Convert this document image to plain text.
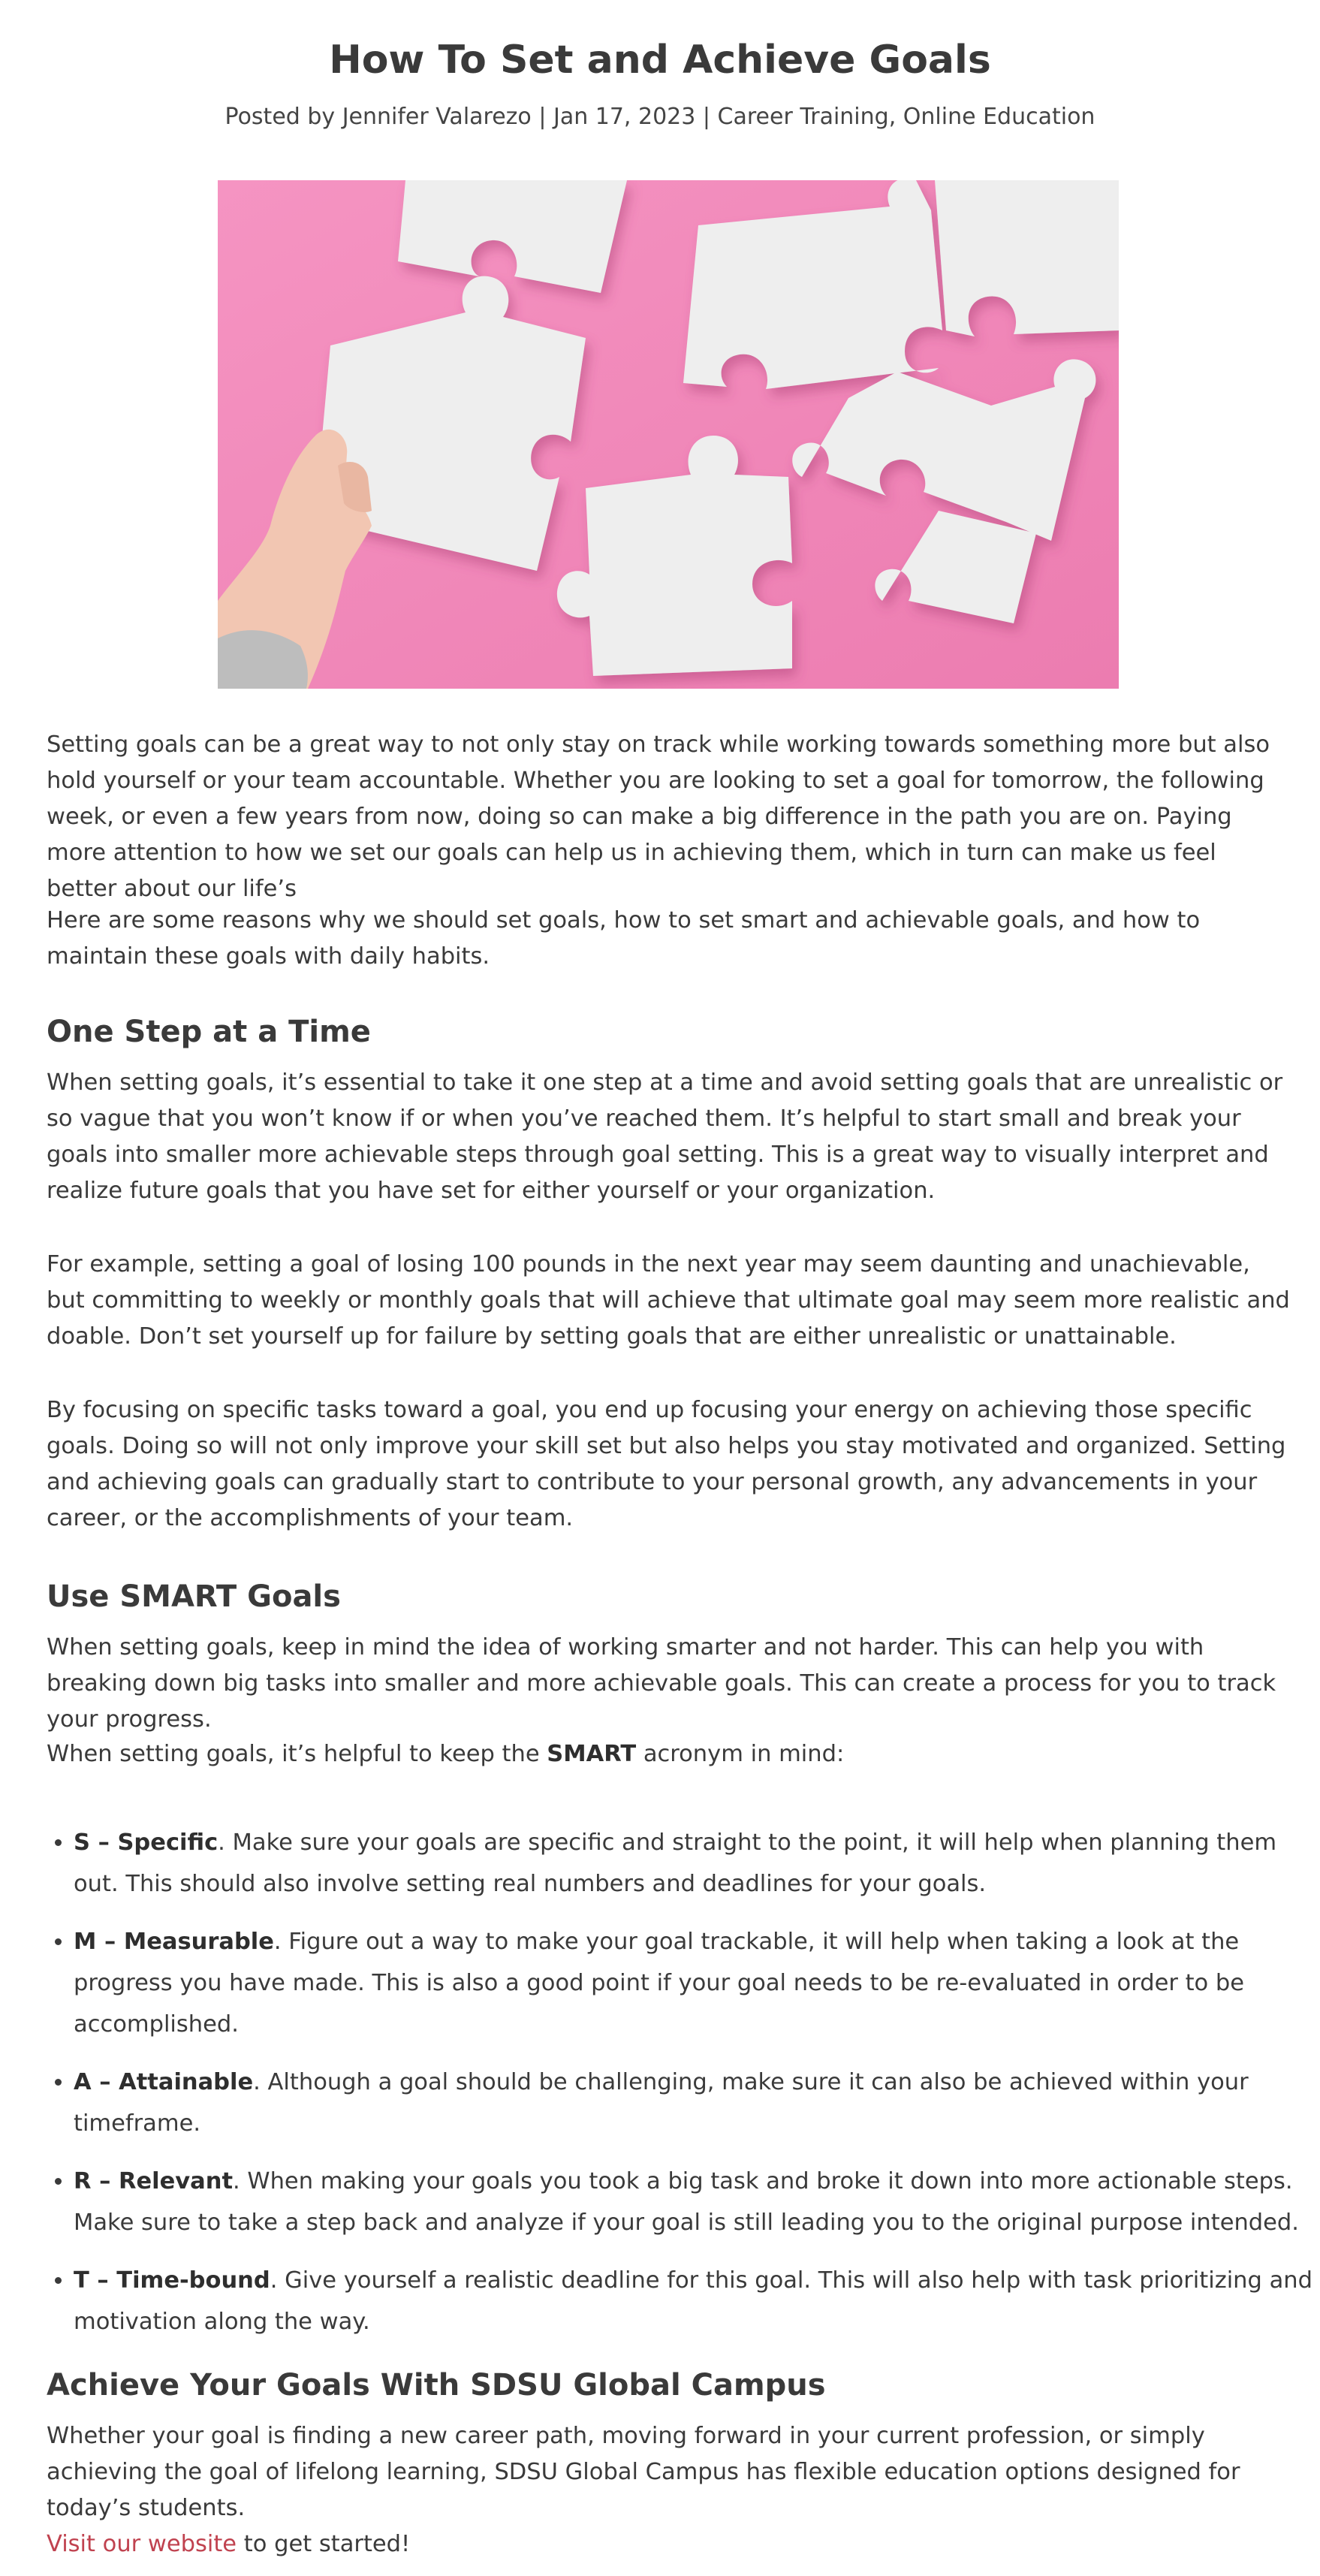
How To Set and Achieve Goals
Posted by Jennifer Valarezo | Jan 17, 2023 | Career Training, Online Education

Setting goals can be a great way to not only stay on track while working towards something more but also hold yourself or your team accountable. Whether you are looking to set a goal for tomorrow, the following week, or even a few years from now, doing so can make a big difference in the path you are on. Paying more attention to how we set our goals can help us in achieving them, which in turn can make us feel better about our life’s

Here are some reasons why we should set goals, how to set smart and achievable goals, and how to maintain these goals with daily habits.

One Step at a Time

When setting goals, it’s essential to take it one step at a time and avoid setting goals that are unrealistic or so vague that you won’t know if or when you’ve reached them. It’s helpful to start small and break your goals into smaller more achievable steps through goal setting. This is a great way to visually interpret and realize future goals that you have set for either yourself or your organization.

For example, setting a goal of losing 100 pounds in the next year may seem daunting and unachievable, but committing to weekly or monthly goals that will achieve that ultimate goal may seem more realistic and doable. Don’t set yourself up for failure by setting goals that are either unrealistic or unattainable.

By focusing on specific tasks toward a goal, you end up focusing your energy on achieving those specific goals. Doing so will not only improve your skill set but also helps you stay motivated and organized. Setting and achieving goals can gradually start to contribute to your personal growth, any advancements in your career, or the accomplishments of your team.

Use SMART Goals

When setting goals, keep in mind the idea of working smarter and not harder. This can help you with breaking down big tasks into smaller and more achievable goals. This can create a process for you to track your progress.

When setting goals, it’s helpful to keep the SMART acronym in mind:

• S – Specific. Make sure your goals are specific and straight to the point, it will help when planning them out. This should also involve setting real numbers and deadlines for your goals.
• M – Measurable. Figure out a way to make your goal trackable, it will help when taking a look at the progress you have made. This is also a good point if your goal needs to be re-evaluated in order to be accomplished.
• A – Attainable. Although a goal should be challenging, make sure it can also be achieved within your timeframe.
• R – Relevant. When making your goals you took a big task and broke it down into more actionable steps. Make sure to take a step back and analyze if your goal is still leading you to the original purpose intended.
• T – Time-bound. Give yourself a realistic deadline for this goal. This will also help with task prioritizing and motivation along the way.
Achieve Your Goals With SDSU Global Campus

Whether your goal is finding a new career path, moving forward in your current profession, or simply achieving the goal of lifelong learning, SDSU Global Campus has flexible education options designed for today’s students.
Visit our website to get started!
